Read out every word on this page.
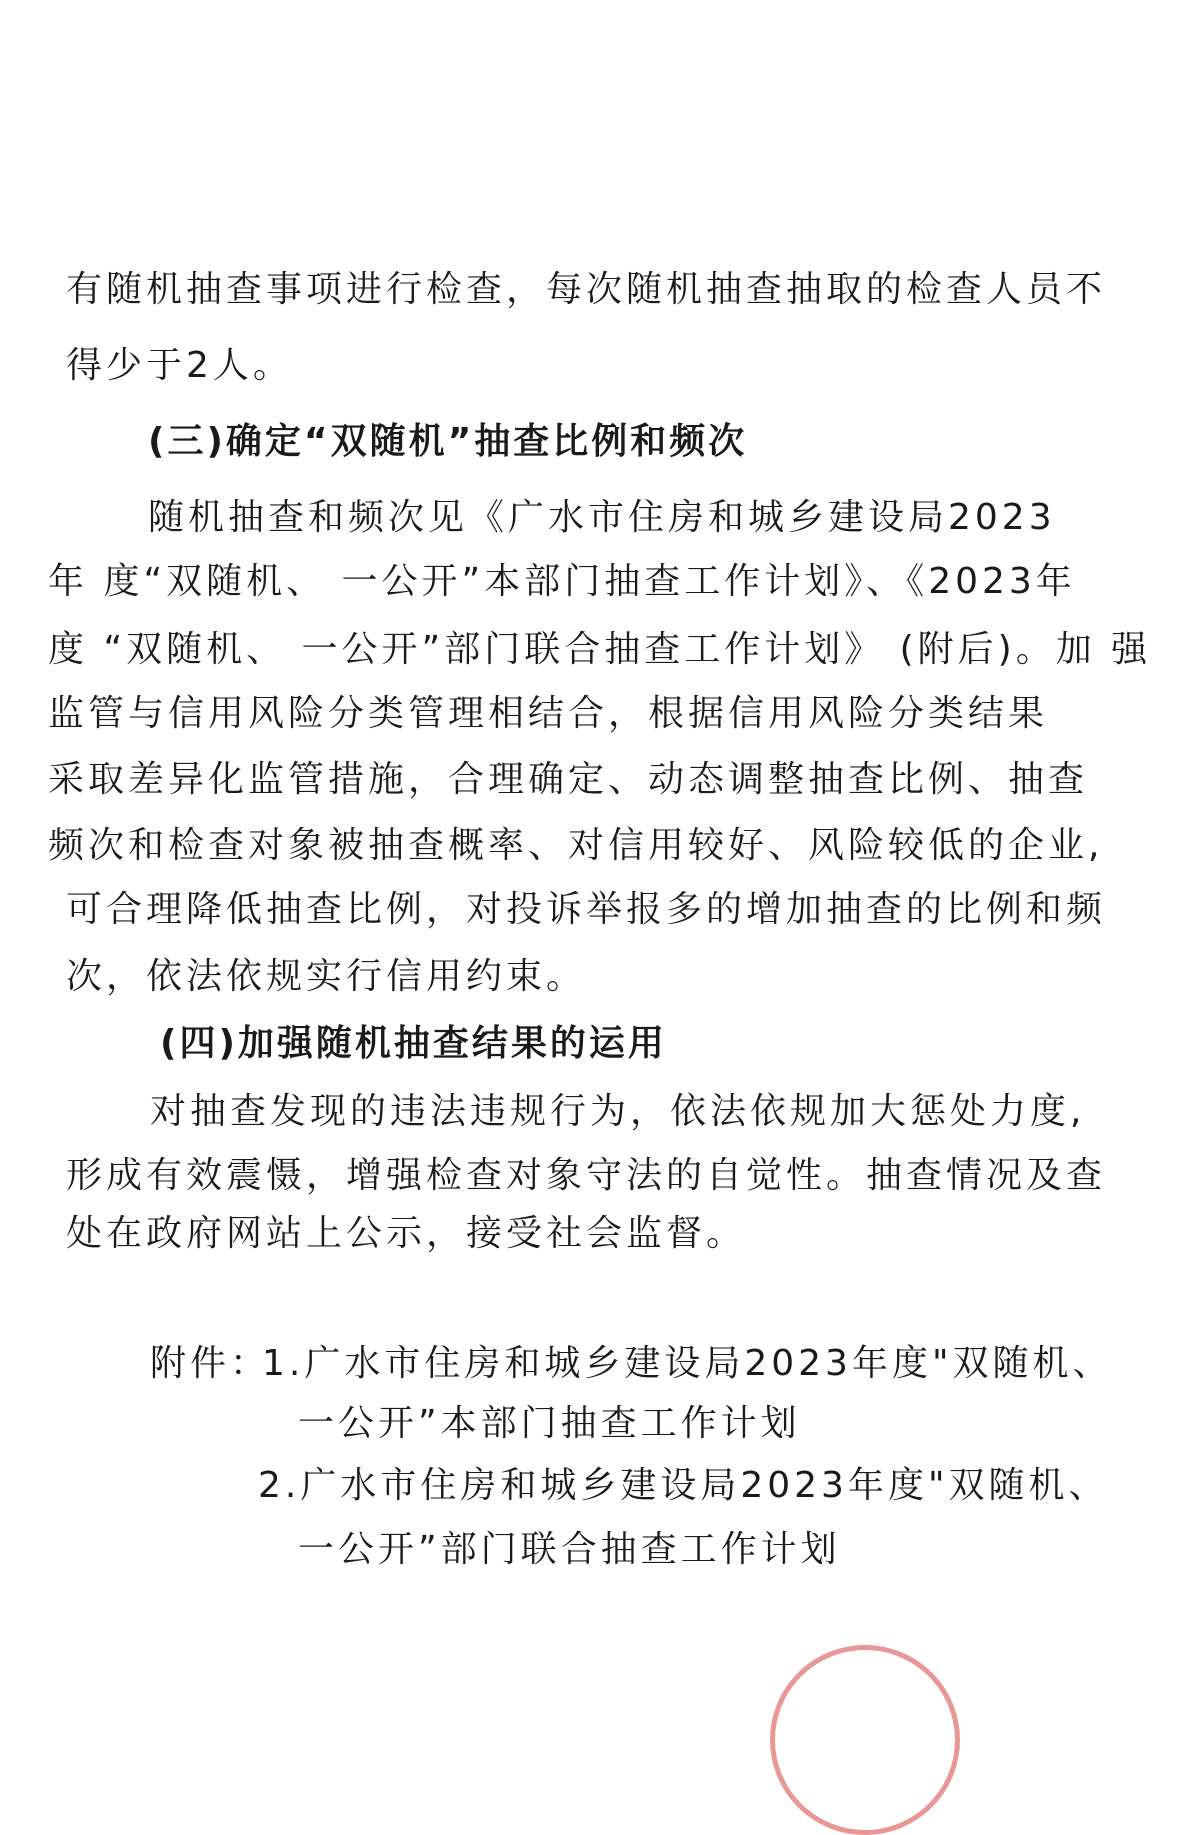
有随机抽查事项进行检查，每次随机抽查抽取的检查人员不
得少于2人。
(三)确定“双随机”抽查比例和频次
随机抽查和频次见《广水市住房和城乡建设局2023
年 度“双随机、 一公开”本部门抽查工作计划》、《2023年
度 “双随机、 一公开”部门联合抽查工作计划》 (附后)。加 强
监管与信用风险分类管理相结合，根据信用风险分类结果
采取差异化监管措施，合理确定、动态调整抽查比例、抽查
频次和检查对象被抽查概率、对信用较好、风险较低的企业,
可合理降低抽查比例，对投诉举报多的增加抽查的比例和频
次，依法依规实行信用约束。
(四)加强随机抽查结果的运用
对抽查发现的违法违规行为，依法依规加大惩处力度,
形成有效震慑，增强检查对象守法的自觉性。抽查情况及查
处在政府网站上公示，接受社会监督。
附件：
1.广水市住房和城乡建设局2023年度"双随机、
一公开”本部门抽查工作计划
2.广水市住房和城乡建设局2023年度"双随机、
一公开”部门联合抽查工作计划
